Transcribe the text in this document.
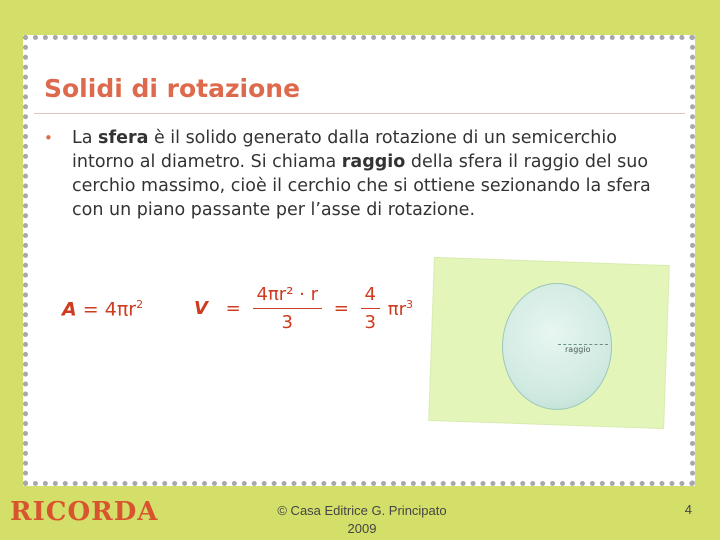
Solidi di rotazione
• La sfera è il solido generato dalla rotazione di un semicerchio intorno al diametro. Si chiama raggio della sfera il raggio del suo cerchio massimo, cioè il cerchio che si ottiene sezionando la sfera con un piano passante per l’asse di rotazione.
$A = 4\pi r^2$	$V = \frac{\text{4πr² · r}}{3} = \frac{4}{3} \pi r^3$
raggio
RICORDA	© Casa Editrice G. Principato
2009
4
